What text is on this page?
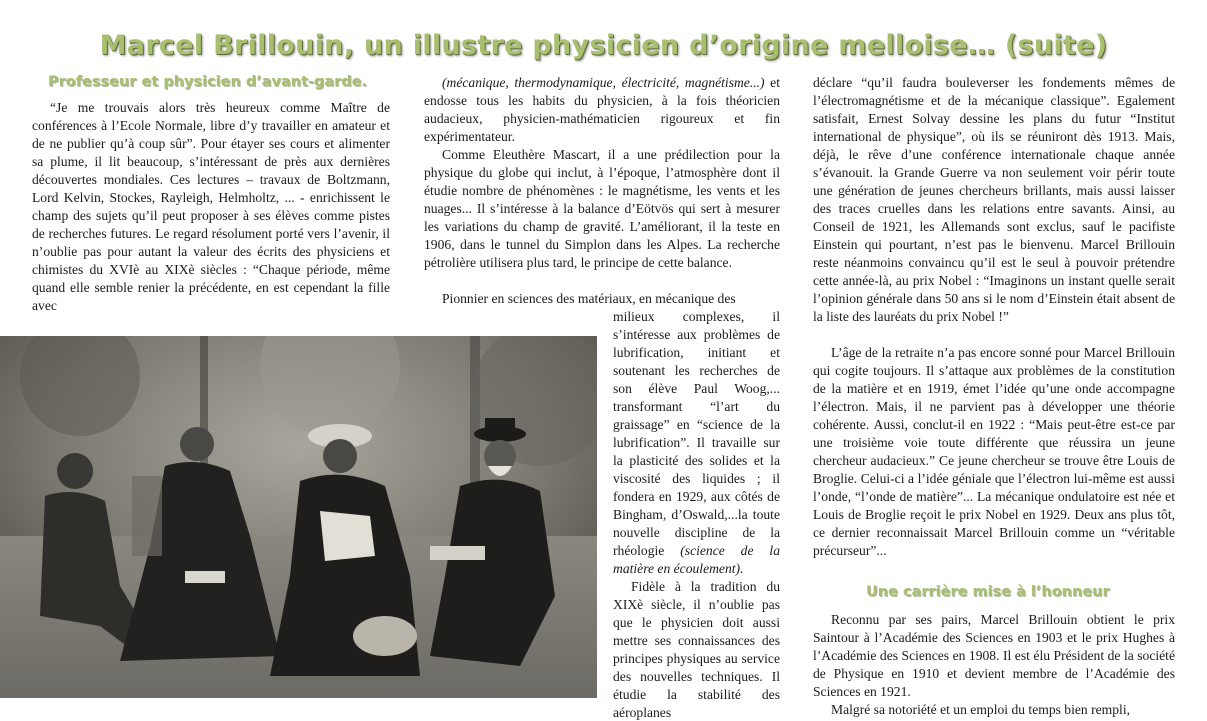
Marcel Brillouin, un illustre physicien d’origine melloise… (suite)
Professeur et physicien d’avant-garde.

“Je me trouvais alors très heureux comme Maître de conférences à l’Ecole Normale, libre d’y travailler en amateur et de ne publier qu’à coup sûr”. Pour étayer ses cours et alimenter sa plume, il lit beaucoup, s’intéressant de près aux dernières découvertes mondiales. Ces lectures – travaux de Boltzmann, Lord Kelvin, Stockes, Rayleigh, Helmholtz, ... - enrichissent le champ des sujets qu’il peut proposer à ses élèves comme pistes de recherches futures. Le regard résolument porté vers l’avenir, il n’oublie pas pour autant la valeur des écrits des physiciens et chimistes du XVIè au XIXè siècles : “Chaque période, même quand elle semble renier la précédente, en est cependant la fille avec

(mécanique, thermodynamique, électricité, magnétisme...) et endosse tous les habits du physicien, à la fois théoricien audacieux, physicien-mathématicien rigoureux et fin expérimentateur.

Comme Eleuthère Mascart, il a une prédilection pour la physique du globe qui inclut, à l’époque, l’atmosphère dont il étudie nombre de phénomènes : le magnétisme, les vents et les nuages... Il s’intéresse à la balance d’Eötvös qui sert à mesurer les variations du champ de gravité. L’améliorant, il la teste en 1906, dans le tunnel du Simplon dans les Alpes. La recherche pétrolière utilisera plus tard, le principe de cette balance.

Pionnier en sciences des matériaux, en mécanique des

milieux complexes, il s’intéresse aux problèmes de lubrification, initiant et soutenant les recherches de son élève Paul Woog,... transformant “l’art du graissage” en “science de la lubrification”. Il travaille sur la plasticité des solides et la viscosité des liquides ; il fondera en 1929, aux côtés de Bingham, d’Oswald,...la toute nouvelle discipline de la rhéologie (science de la matière en écoulement).

Fidèle à la tradition du XIXè siècle, il n’oublie pas que le physicien doit aussi mettre ses connaissances des principes physiques au service des nouvelles techniques. Il étudie la stabilité des aéroplanes

déclare “qu’il faudra bouleverser les fondements mêmes de l’électromagnétisme et de la mécanique classique”. Egalement satisfait, Ernest Solvay dessine les plans du futur “Institut international de physique”, où ils se réuniront dès 1913. Mais, déjà, le rêve d’une conférence internationale chaque année s’évanouit. la Grande Guerre va non seulement voir périr toute une génération de jeunes chercheurs brillants, mais aussi laisser des traces cruelles dans les relations entre savants. Ainsi, au Conseil de 1921, les Allemands sont exclus, sauf le pacifiste Einstein qui pourtant, n’est pas le bienvenu. Marcel Brillouin reste néanmoins convaincu qu’il est le seul à pouvoir prétendre cette année-là, au prix Nobel : “Imaginons un instant quelle serait l’opinion générale dans 50 ans si le nom d’Einstein était absent de la liste des lauréats du prix Nobel !”

L’âge de la retraite n’a pas encore sonné pour Marcel Brillouin qui cogite toujours. Il s’attaque aux problèmes de la constitution de la matière et en 1919, émet l’idée qu’une onde accompagne l’électron. Mais, il ne parvient pas à développer une théorie cohérente. Aussi, conclut-il en 1922 : “Mais peut-être est-ce par une troisième voie toute différente que réussira un jeune chercheur audacieux.” Ce jeune chercheur se trouve être Louis de Broglie. Celui-ci a l’idée géniale que l’électron lui-même est aussi l’onde, “l’onde de matière”... La mécanique ondulatoire est née et Louis de Broglie reçoit le prix Nobel en 1929. Deux ans plus tôt, ce dernier reconnaissait Marcel Brillouin comme un “véritable précurseur”...

Une carrière mise à l’honneur

Reconnu par ses pairs, Marcel Brillouin obtient le prix Saintour à l’Académie des Sciences en 1903 et le prix Hughes à l’Académie des Sciences en 1908. Il est élu Président de la société de Physique en 1910 et devient membre de l’Académie des Sciences en 1921.

Malgré sa notoriété et un emploi du temps bien rempli,
